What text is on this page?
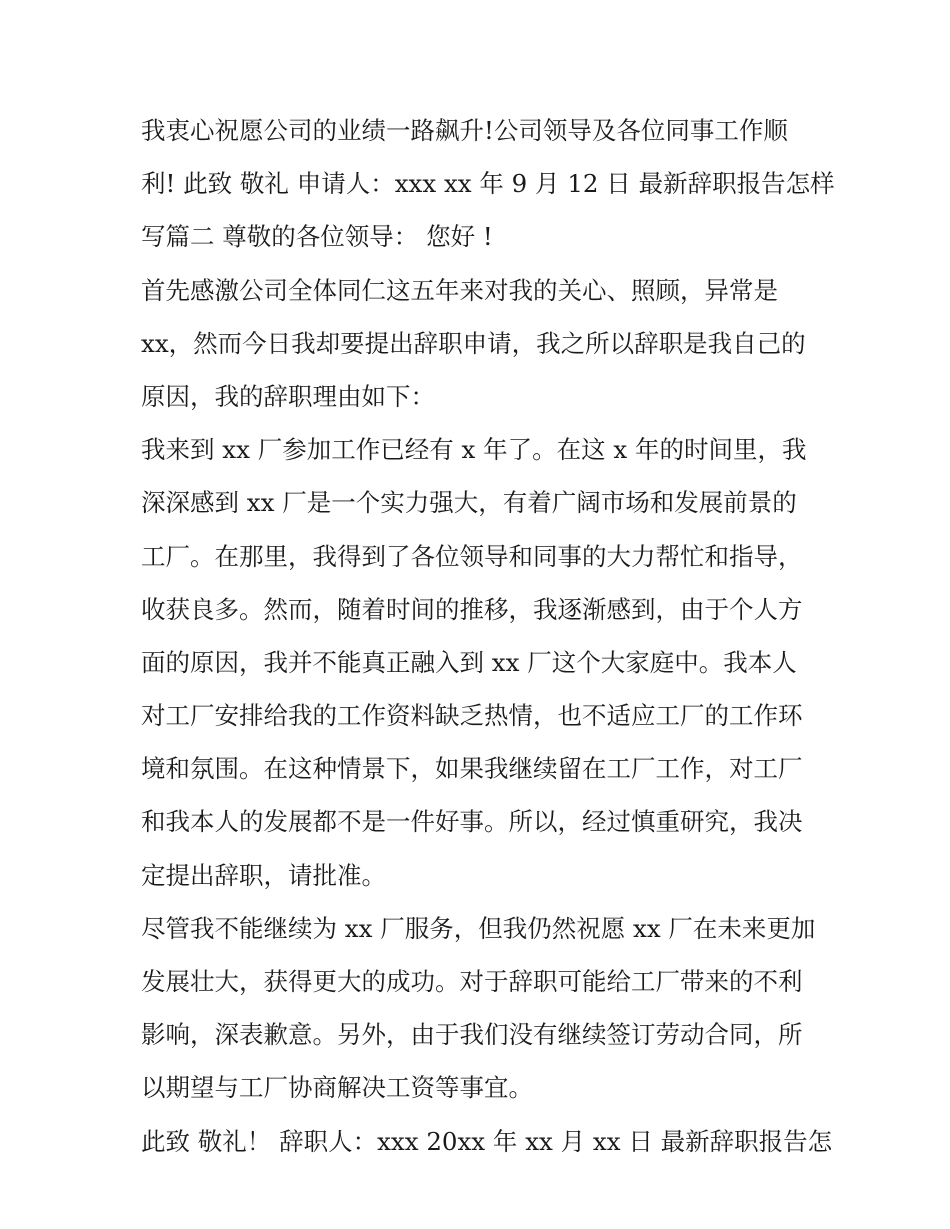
我衷心祝愿公司的业绩一路飙升!公司领导及各位同事工作顺
利! 此致 敬礼 申请人：xxx xx 年 9 月 12 日 最新辞职报告怎样
写篇二 尊敬的各位领导： 您好 !
首先感激公司全体同仁这五年来对我的关心、照顾，异常是
xx，然而今日我却要提出辞职申请，我之所以辞职是我自己的
原因，我的辞职理由如下：
我来到 xx 厂参加工作已经有 x 年了。在这 x 年的时间里，我
深深感到 xx 厂是一个实力强大，有着广阔市场和发展前景的
工厂。在那里，我得到了各位领导和同事的大力帮忙和指导，
收获良多。然而，随着时间的推移，我逐渐感到，由于个人方
面的原因，我并不能真正融入到 xx 厂这个大家庭中。我本人
对工厂安排给我的工作资料缺乏热情，也不适应工厂的工作环
境和氛围。在这种情景下，如果我继续留在工厂工作，对工厂
和我本人的发展都不是一件好事。所以，经过慎重研究，我决
定提出辞职，请批准。
尽管我不能继续为 xx 厂服务，但我仍然祝愿 xx 厂在未来更加
发展壮大，获得更大的成功。对于辞职可能给工厂带来的不利
影响，深表歉意。另外，由于我们没有继续签订劳动合同，所
以期望与工厂协商解决工资等事宜。
此致 敬礼！ 辞职人：xxx 20xx 年 xx 月 xx 日 最新辞职报告怎
